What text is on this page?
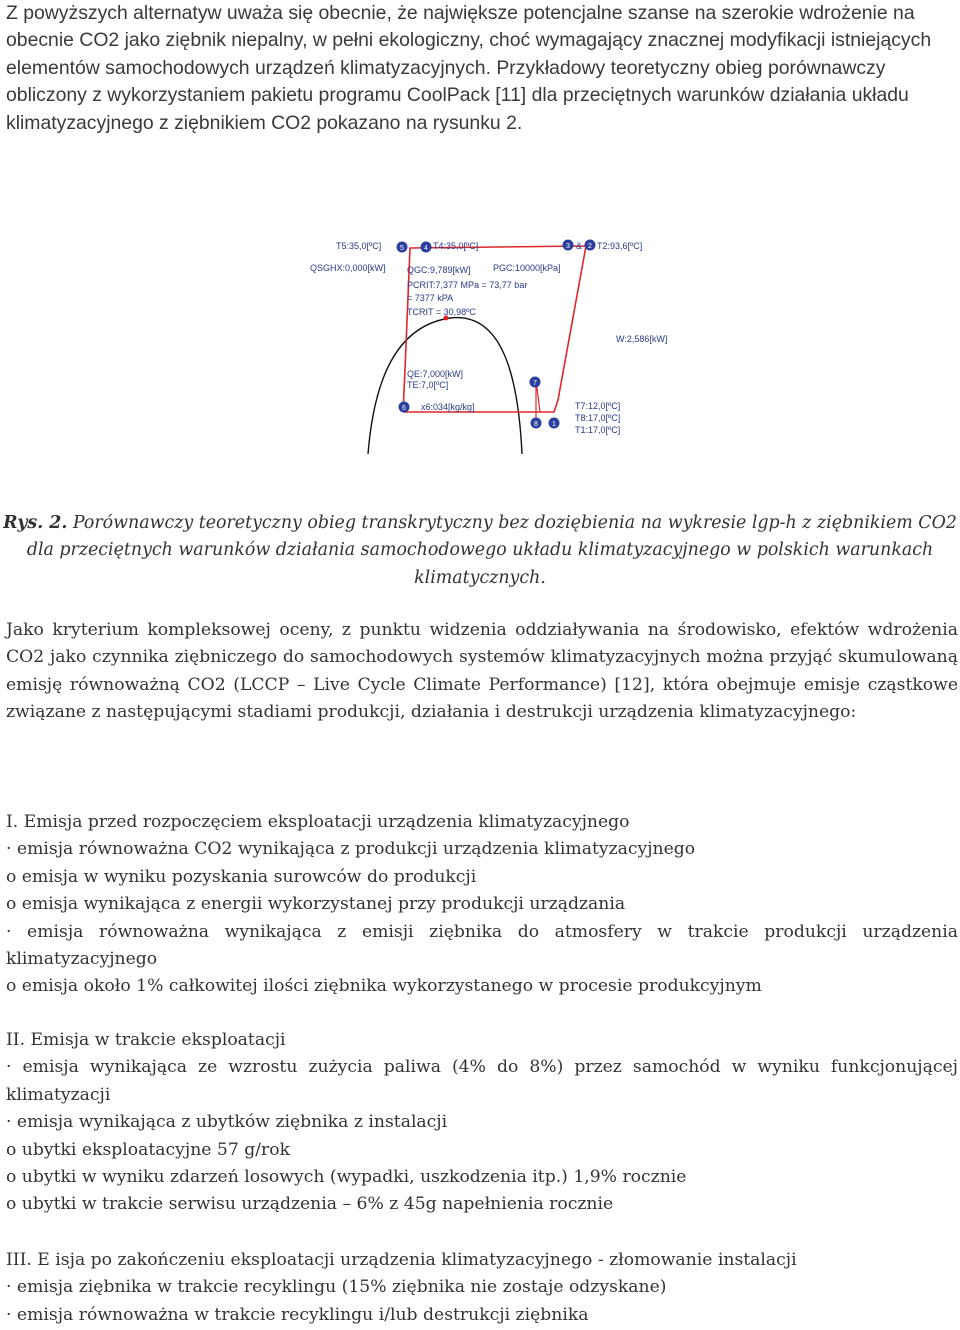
Z powyższych alternatyw uważa się obecnie, że największe potencjalne szanse na szerokie wdrożenie na obecnie CO2 jako ziębnik niepalny, w pełni ekologiczny, choć wymagający znacznej modyfikacji istniejących elementów samochodowych urządzeń klimatyzacyjnych. Przykładowy teoretyczny obieg porównawczy obliczony z wykorzystaniem pakietu programu CoolPack [11] dla przeciętnych warunków działania układu klimatyzacyjnego z ziębnikiem CO2 pokazano na rysunku 2.

5	4	3	2
7
6
8 1
T5:35,0[ºC]	T4:35,0[ºC]	& T2:93,6[ºC]
QSGHX:0,000[kW] QGC:9,789[kW] PGC:10000[kPa]
PCRIT:7,377 MPa = 73,77 bar
= 7377 kPA
TCRIT = 30,98ºC
W:2,586[kW]
QE:7,000[kW]
TE:7,0[ºC]
x6:034[kg/kg]	T7:12,0[ºC]
T8:17,0[ºC]
T1:17,0[ºC]
Rys. 2. Porównawczy teoretyczny obieg transkrytyczny bez doziębienia na wykresie lgp-h z ziębnikiem CO2 dla przeciętnych warunków działania samochodowego układu klimatyzacyjnego w polskich warunkach klimatycznych.

Jako kryterium kompleksowej oceny, z punktu widzenia oddziaływania na środowisko, efektów wdrożenia CO2 jako czynnika ziębniczego do samochodowych systemów klimatyzacyjnych można przyjąć skumulowaną emisję równoważną CO2 (LCCP – Live Cycle Climate Performance) [12], która obejmuje emisje cząstkowe związane z następującymi stadiami produkcji, działania i destrukcji urządzenia klimatyzacyjnego:

I. Emisja przed rozpoczęciem eksploatacji urządzenia klimatyzacyjnego
· emisja równoważna CO2 wynikająca z produkcji urządzenia klimatyzacyjnego
o emisja w wyniku pozyskania surowców do produkcji
o emisja wynikająca z energii wykorzystanej przy produkcji urządzania
· emisja równoważna wynikająca z emisji ziębnika do atmosfery w trakcie produkcji urządzenia klimatyzacyjnego
o emisja około 1% całkowitej ilości ziębnika wykorzystanego w procesie produkcyjnym
II. Emisja w trakcie eksploatacji
· emisja wynikająca ze wzrostu zużycia paliwa (4% do 8%) przez samochód w wyniku funkcjonującej klimatyzacji
· emisja wynikająca z ubytków ziębnika z instalacji
o ubytki eksploatacyjne 57 g/rok
o ubytki w wyniku zdarzeń losowych (wypadki, uszkodzenia itp.) 1,9% rocznie
o ubytki w trakcie serwisu urządzenia – 6% z 45g napełnienia rocznie
III. E isja po zakończeniu eksploatacji urządzenia klimatyzacyjnego - złomowanie instalacji
· emisja ziębnika w trakcie recyklingu (15% ziębnika nie zostaje odzyskane)
· emisja równoważna w trakcie recyklingu i/lub destrukcji ziębnika
